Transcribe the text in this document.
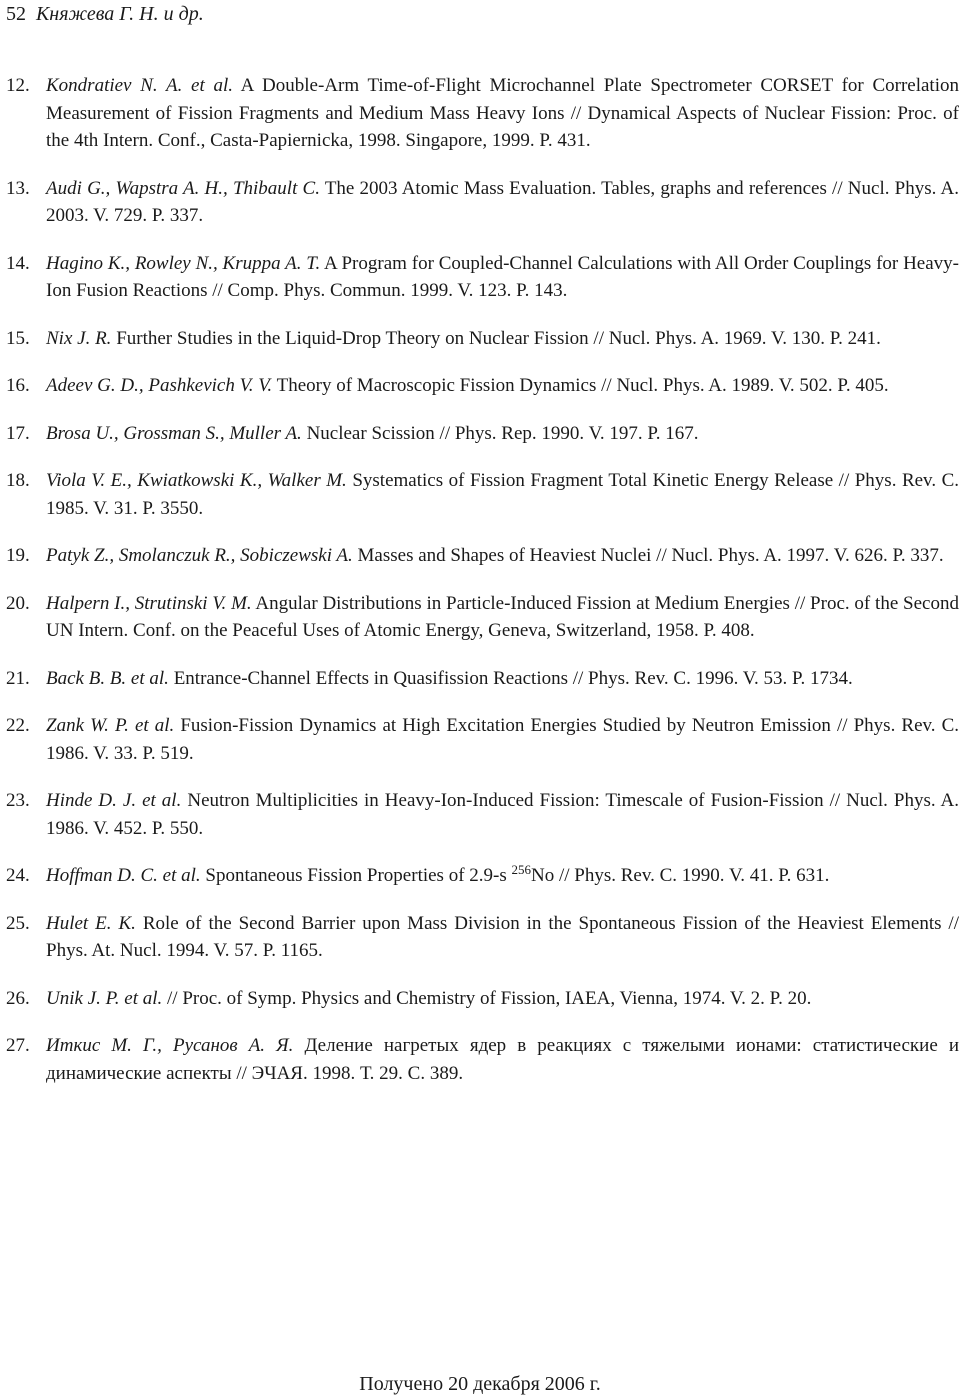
52 Княжева Г. Н. и др.
12. Kondratiev N. A. et al. A Double-Arm Time-of-Flight Microchannel Plate Spectrometer CORSET for Correlation Measurement of Fission Fragments and Medium Mass Heavy Ions // Dynamical Aspects of Nuclear Fission: Proc. of the 4th Intern. Conf., Casta-Papiernicka, 1998. Singapore, 1999. P. 431.
13. Audi G., Wapstra A. H., Thibault C. The 2003 Atomic Mass Evaluation. Tables, graphs and references // Nucl. Phys. A. 2003. V. 729. P. 337.
14. Hagino K., Rowley N., Kruppa A. T. A Program for Coupled-Channel Calculations with All Order Couplings for Heavy-Ion Fusion Reactions // Comp. Phys. Commun. 1999. V. 123. P. 143.
15. Nix J. R. Further Studies in the Liquid-Drop Theory on Nuclear Fission // Nucl. Phys. A. 1969. V. 130. P. 241.
16. Adeev G. D., Pashkevich V. V. Theory of Macroscopic Fission Dynamics // Nucl. Phys. A. 1989. V. 502. P. 405.
17. Brosa U., Grossman S., Muller A. Nuclear Scission // Phys. Rep. 1990. V. 197. P. 167.
18. Viola V. E., Kwiatkowski K., Walker M. Systematics of Fission Fragment Total Kinetic Energy Release // Phys. Rev. C. 1985. V. 31. P. 3550.
19. Patyk Z., Smolanczuk R., Sobiczewski A. Masses and Shapes of Heaviest Nuclei // Nucl. Phys. A. 1997. V. 626. P. 337.
20. Halpern I., Strutinski V. M. Angular Distributions in Particle-Induced Fission at Medium Energies // Proc. of the Second UN Intern. Conf. on the Peaceful Uses of Atomic Energy, Geneva, Switzerland, 1958. P. 408.
21. Back B. B. et al. Entrance-Channel Effects in Quasifission Reactions // Phys. Rev. C. 1996. V. 53. P. 1734.
22. Zank W. P. et al. Fusion-Fission Dynamics at High Excitation Energies Studied by Neutron Emission // Phys. Rev. C. 1986. V. 33. P. 519.
23. Hinde D. J. et al. Neutron Multiplicities in Heavy-Ion-Induced Fission: Timescale of Fusion-Fission // Nucl. Phys. A. 1986. V. 452. P. 550.
24. Hoffman D. C. et al. Spontaneous Fission Properties of 2.9-s $^{256}$No // Phys. Rev. C. 1990. V. 41. P. 631.
25. Hulet E. K. Role of the Second Barrier upon Mass Division in the Spontaneous Fission of the Heaviest Elements // Phys. At. Nucl. 1994. V. 57. P. 1165.
26. Unik J. P. et al. // Proc. of Symp. Physics and Chemistry of Fission, IAEA, Vienna, 1974. V. 2. P. 20.
27. Иткис М. Г., Русанов А. Я. Деление нагретых ядер в реакциях с тяжелыми ионами: статистические и динамические аспекты // ЭЧАЯ. 1998. Т. 29. С. 389.
Получено 20 декабря 2006 г.
